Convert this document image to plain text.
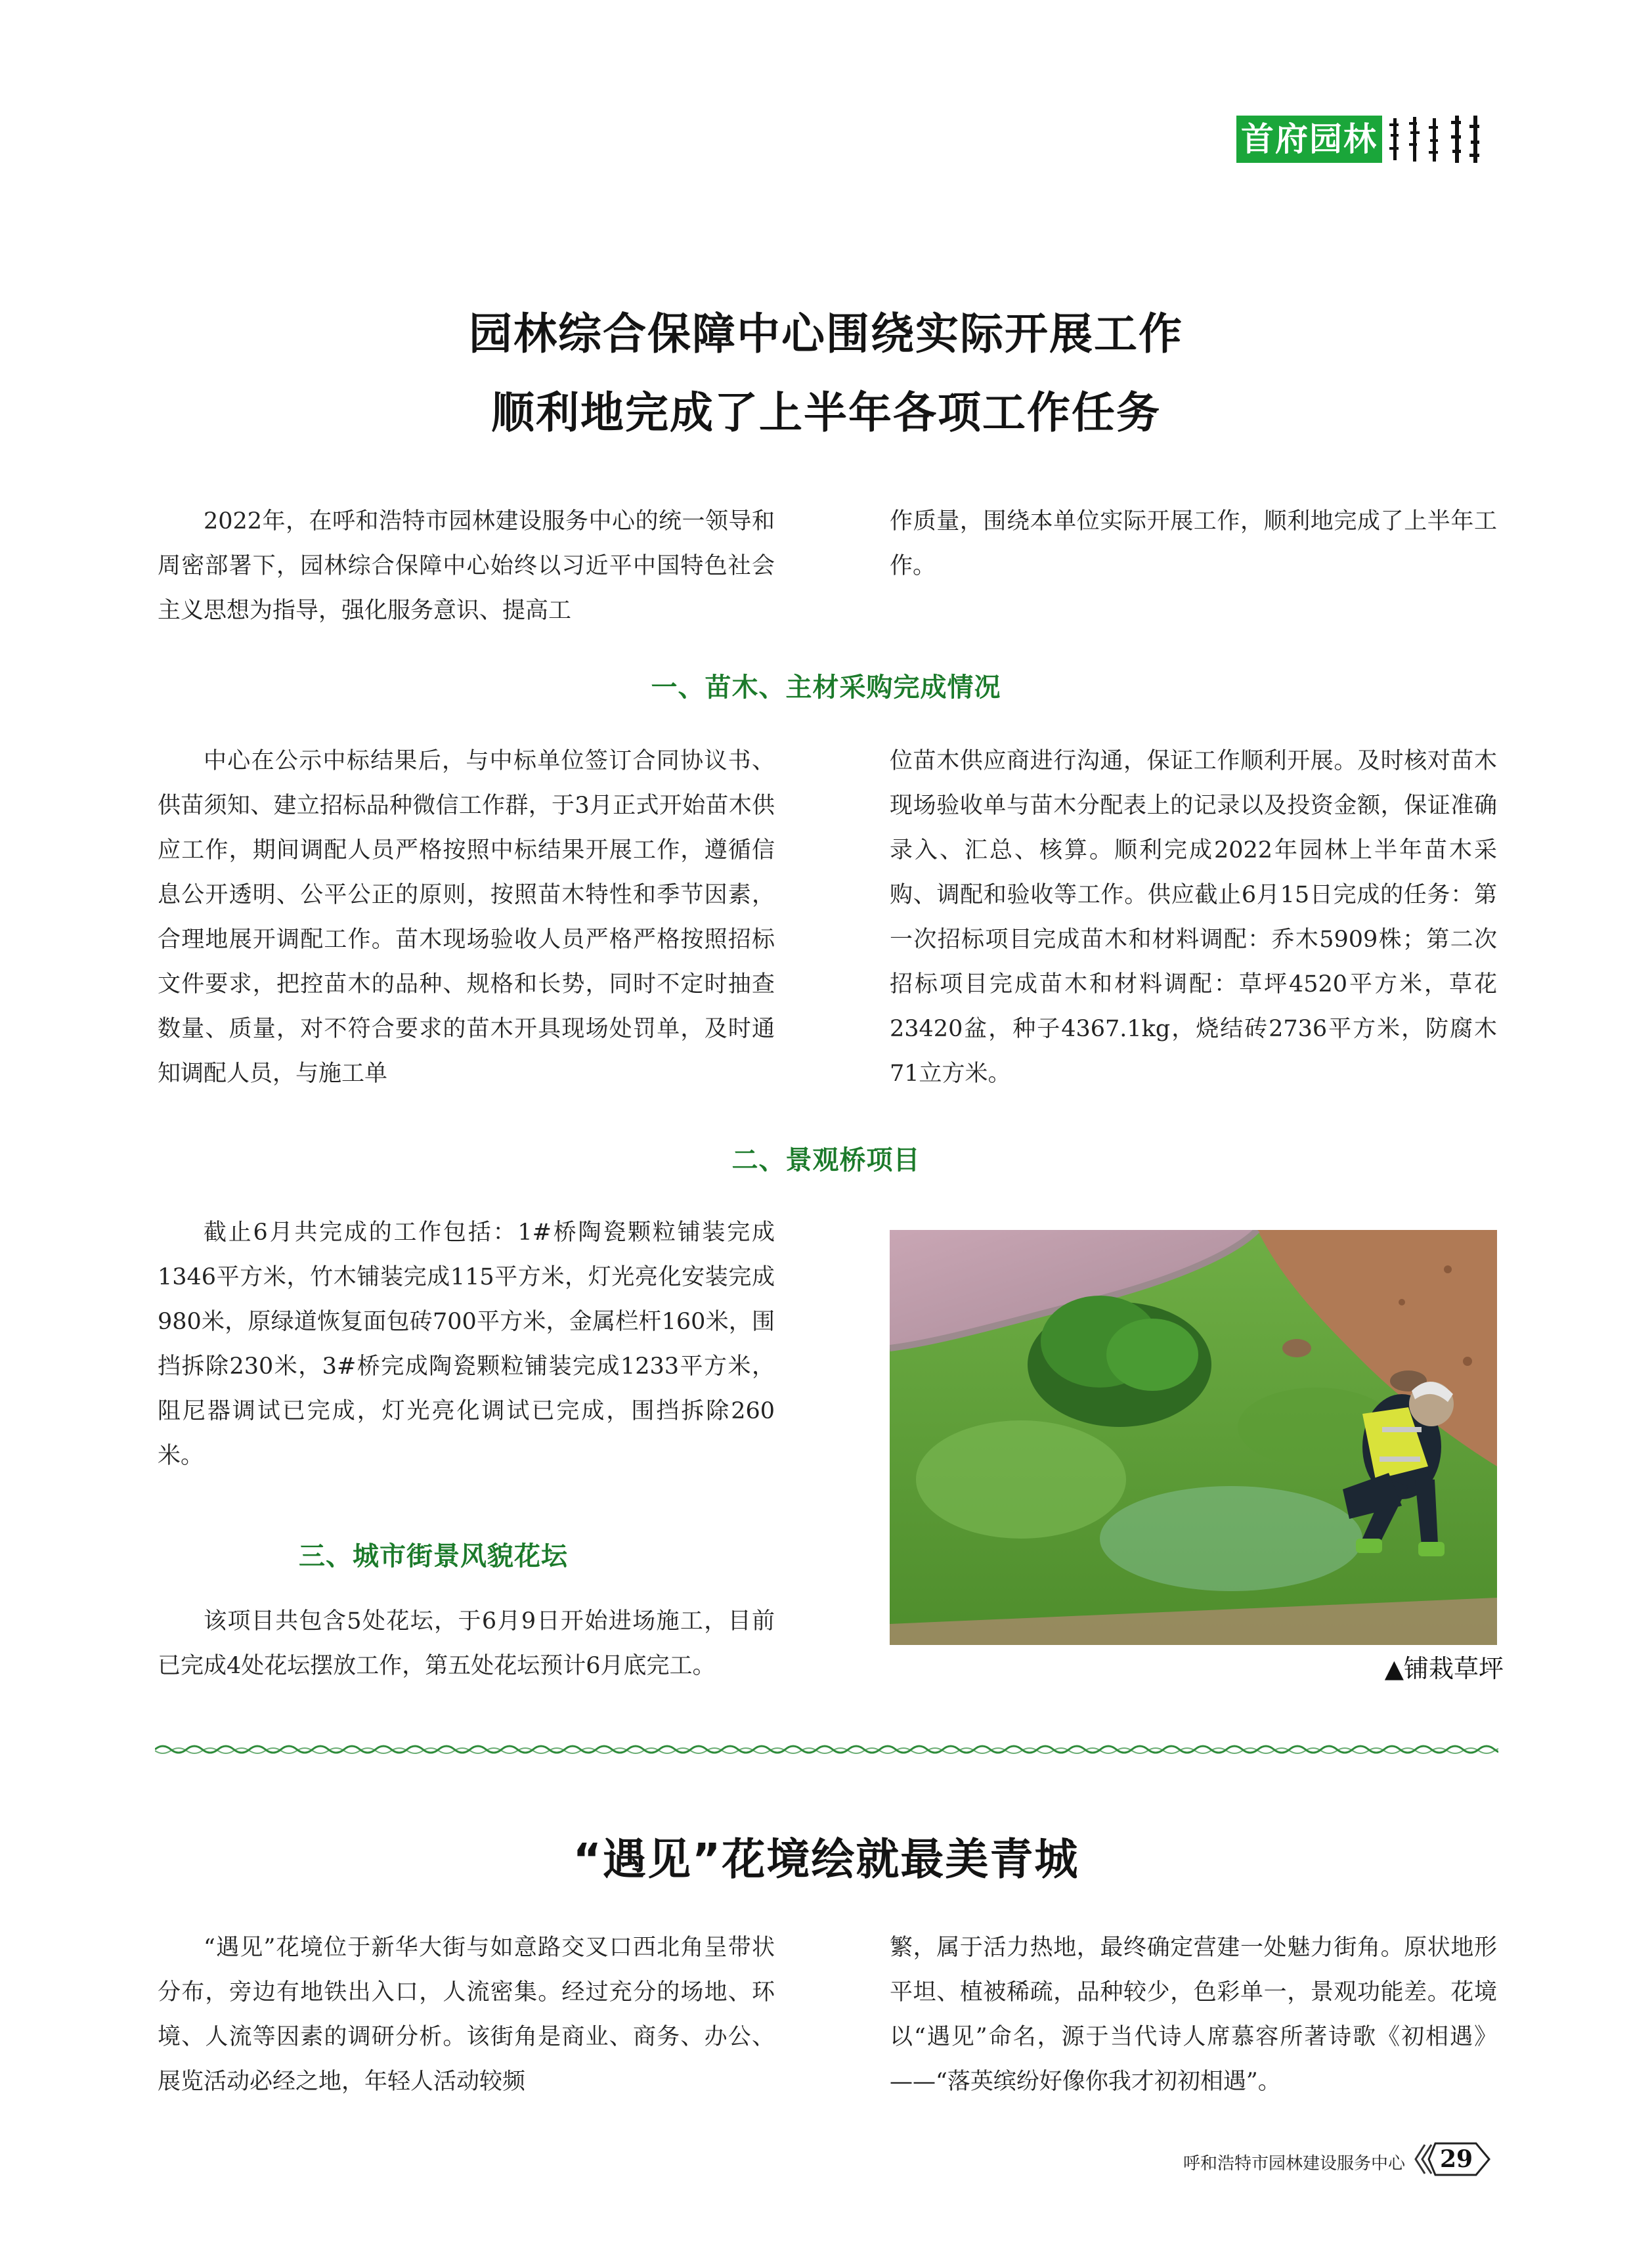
首府园林
园林综合保障中心围绕实际开展工作
顺利地完成了上半年各项工作任务

2022年，在呼和浩特市园林建设服务中心的统一领导和周密部署下，园林综合保障中心始终以习近平中国特色社会主义思想为指导，强化服务意识、提高工

作质量，围绕本单位实际开展工作，顺利地完成了上半年工作。

一、苗木、主材采购完成情况

中心在公示中标结果后，与中标单位签订合同协议书、供苗须知、建立招标品种微信工作群，于3月正式开始苗木供应工作，期间调配人员严格按照中标结果开展工作，遵循信息公开透明、公平公正的原则，按照苗木特性和季节因素，合理地展开调配工作。苗木现场验收人员严格严格按照招标文件要求，把控苗木的品种、规格和长势，同时不定时抽查数量、质量，对不符合要求的苗木开具现场处罚单，及时通知调配人员，与施工单

位苗木供应商进行沟通，保证工作顺利开展。及时核对苗木现场验收单与苗木分配表上的记录以及投资金额，保证准确录入、汇总、核算。顺利完成2022年园林上半年苗木采购、调配和验收等工作。供应截止6月15日完成的任务：第一次招标项目完成苗木和材料调配：乔木5909株；第二次招标项目完成苗木和材料调配：草坪4520平方米，草花23420盆，种子4367.1kg，烧结砖2736平方米，防腐木71立方米。

二、景观桥项目

截止6月共完成的工作包括：1#桥陶瓷颗粒铺装完成1346平方米，竹木铺装完成115平方米，灯光亮化安装完成980米，原绿道恢复面包砖700平方米，金属栏杆160米，围挡拆除230米，3#桥完成陶瓷颗粒铺装完成1233平方米，阻尼器调试已完成，灯光亮化调试已完成，围挡拆除260米。

三、城市街景风貌花坛

该项目共包含5处花坛，于6月9日开始进场施工，目前已完成4处花坛摆放工作，第五处花坛预计6月底完工。	▲铺栽草坪
“遇见”花境绘就最美青城

“遇见”花境位于新华大街与如意路交叉口西北角呈带状分布，旁边有地铁出入口，人流密集。经过充分的场地、环境、人流等因素的调研分析。该街角是商业、商务、办公、展览活动必经之地，年轻人活动较频

繁，属于活力热地，最终确定营建一处魅力街角。原状地形平坦、植被稀疏，品种较少，色彩单一，景观功能差。花境以“遇见”命名，源于当代诗人席慕容所著诗歌《初相遇》——“落英缤纷好像你我才初初相遇”。

呼和浩特市园林建设服务中心 29
